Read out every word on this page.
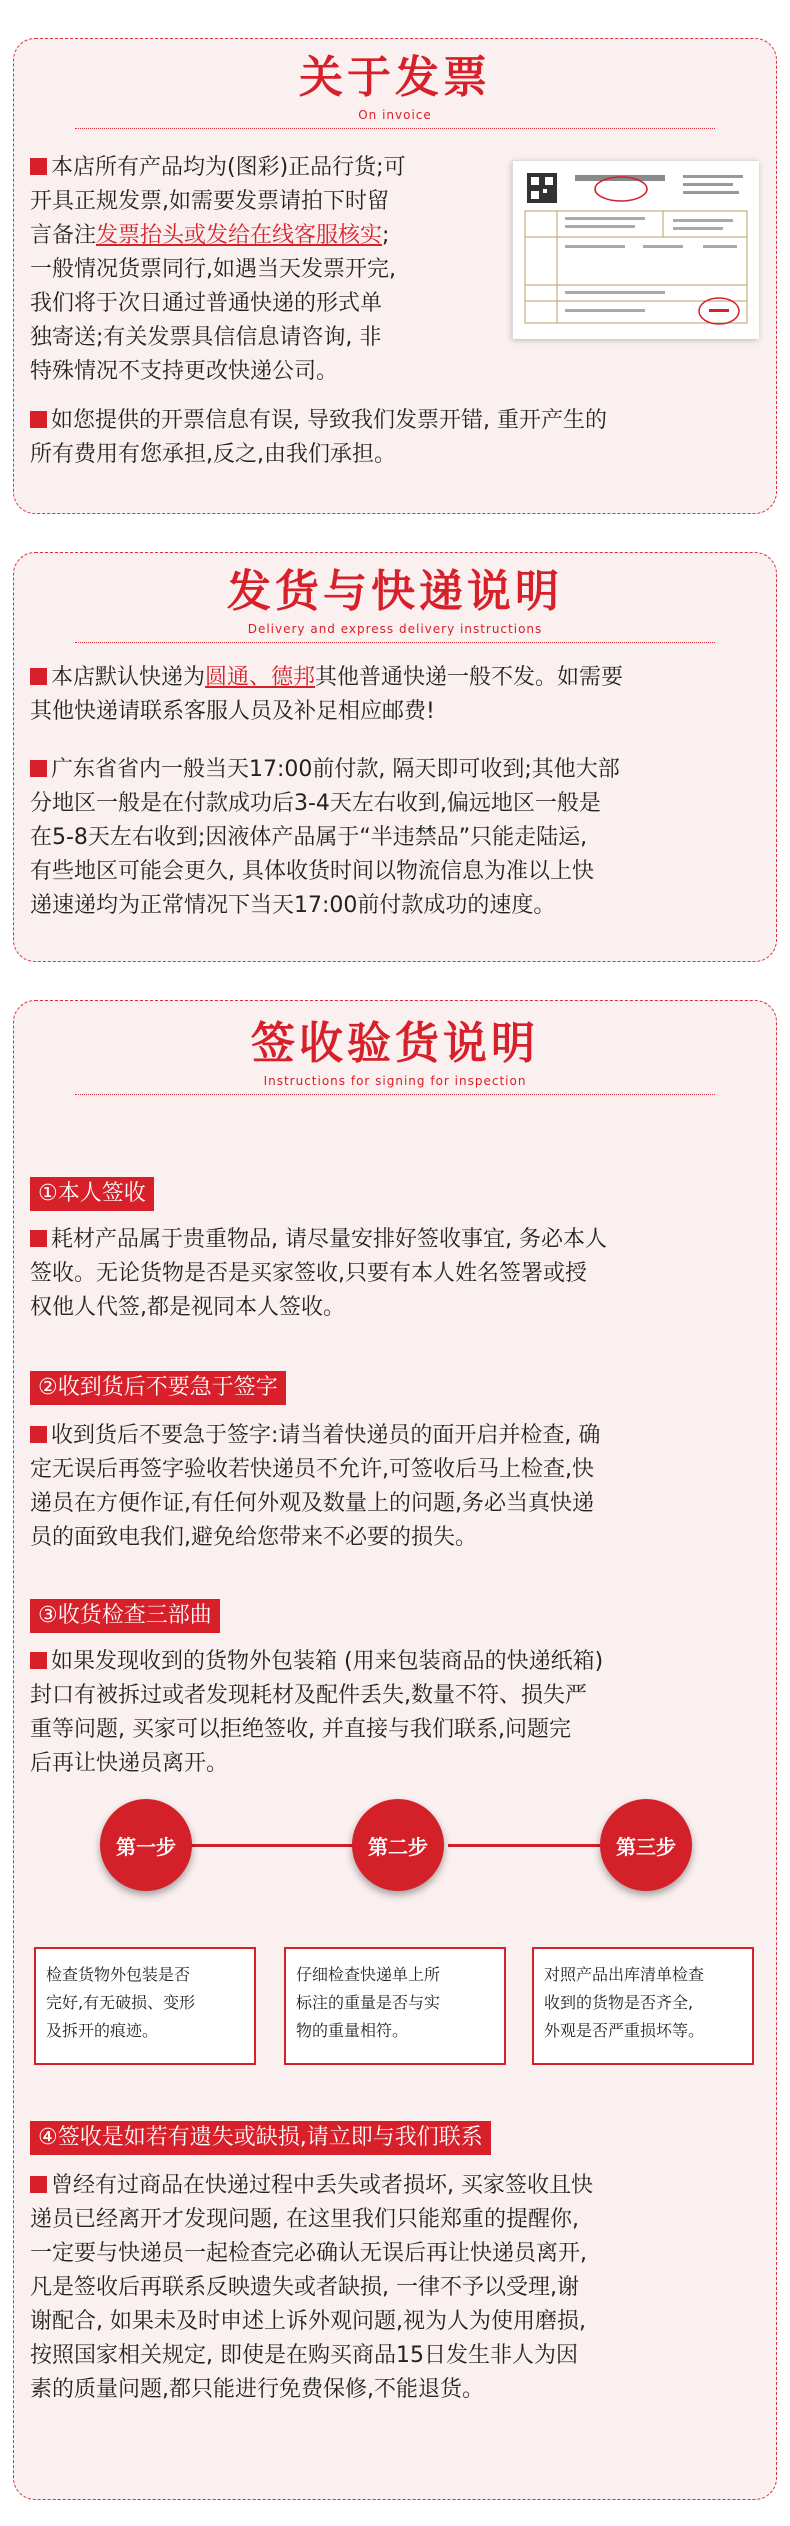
关于发票
On invoice
本店所有产品均为(图彩)正品行货;可
开具正规发票,如需要发票请拍下时留
言备注发票抬头或发给在线客服核实;
一般情况货票同行,如遇当天发票开完,
我们将于次日通过普通快递的形式单
独寄送;有关发票具信信息请咨询, 非
特殊情况不支持更改快递公司。
如您提供的开票信息有误, 导致我们发票开错, 重开产生的
所有费用有您承担,反之,由我们承担。
发货与快递说明
Delivery and express delivery instructions
本店默认快递为圆通、德邦其他普通快递一般不发。如需要
其他快递请联系客服人员及补足相应邮费!
广东省省内一般当天17:00前付款, 隔天即可收到;其他大部
分地区一般是在付款成功后3-4天左右收到,偏远地区一般是
在5-8天左右收到;因液体产品属于“半违禁品”只能走陆运,
有些地区可能会更久, 具体收货时间以物流信息为准以上快
递速递均为正常情况下当天17:00前付款成功的速度。
签收验货说明
Instructions for signing for inspection
①本人签收
耗材产品属于贵重物品, 请尽量安排好签收事宜, 务必本人
签收。无论货物是否是买家签收,只要有本人姓名签署或授
权他人代签,都是视同本人签收。
②收到货后不要急于签字
收到货后不要急于签字:请当着快递员的面开启并检查, 确
定无误后再签字验收若快递员不允许,可签收后马上检查,快
递员在方便作证,有任何外观及数量上的问题,务必当真快递
员的面致电我们,避免给您带来不必要的损失。
③收货检查三部曲
如果发现收到的货物外包装箱 (用来包装商品的快递纸箱)
封口有被拆过或者发现耗材及配件丢失,数量不符、损失严
重等问题, 买家可以拒绝签收, 并直接与我们联系,问题完
后再让快递员离开。
第一步	第二步	第三步
检查货物外包装是否
完好,有无破损、变形
及拆开的痕迹。
仔细检查快递单上所
标注的重量是否与实
物的重量相符。
对照产品出库清单检查
收到的货物是否齐全,
外观是否严重损坏等。
④签收是如若有遗失或缺损,请立即与我们联系
曾经有过商品在快递过程中丢失或者损坏, 买家签收且快
递员已经离开才发现问题, 在这里我们只能郑重的提醒你,
一定要与快递员一起检查完必确认无误后再让快递员离开,
凡是签收后再联系反映遗失或者缺损, 一律不予以受理,谢
谢配合, 如果未及时申述上诉外观问题,视为人为使用磨损,
按照国家相关规定, 即使是在购买商品15日发生非人为因
素的质量问题,都只能进行免费保修,不能退货。
